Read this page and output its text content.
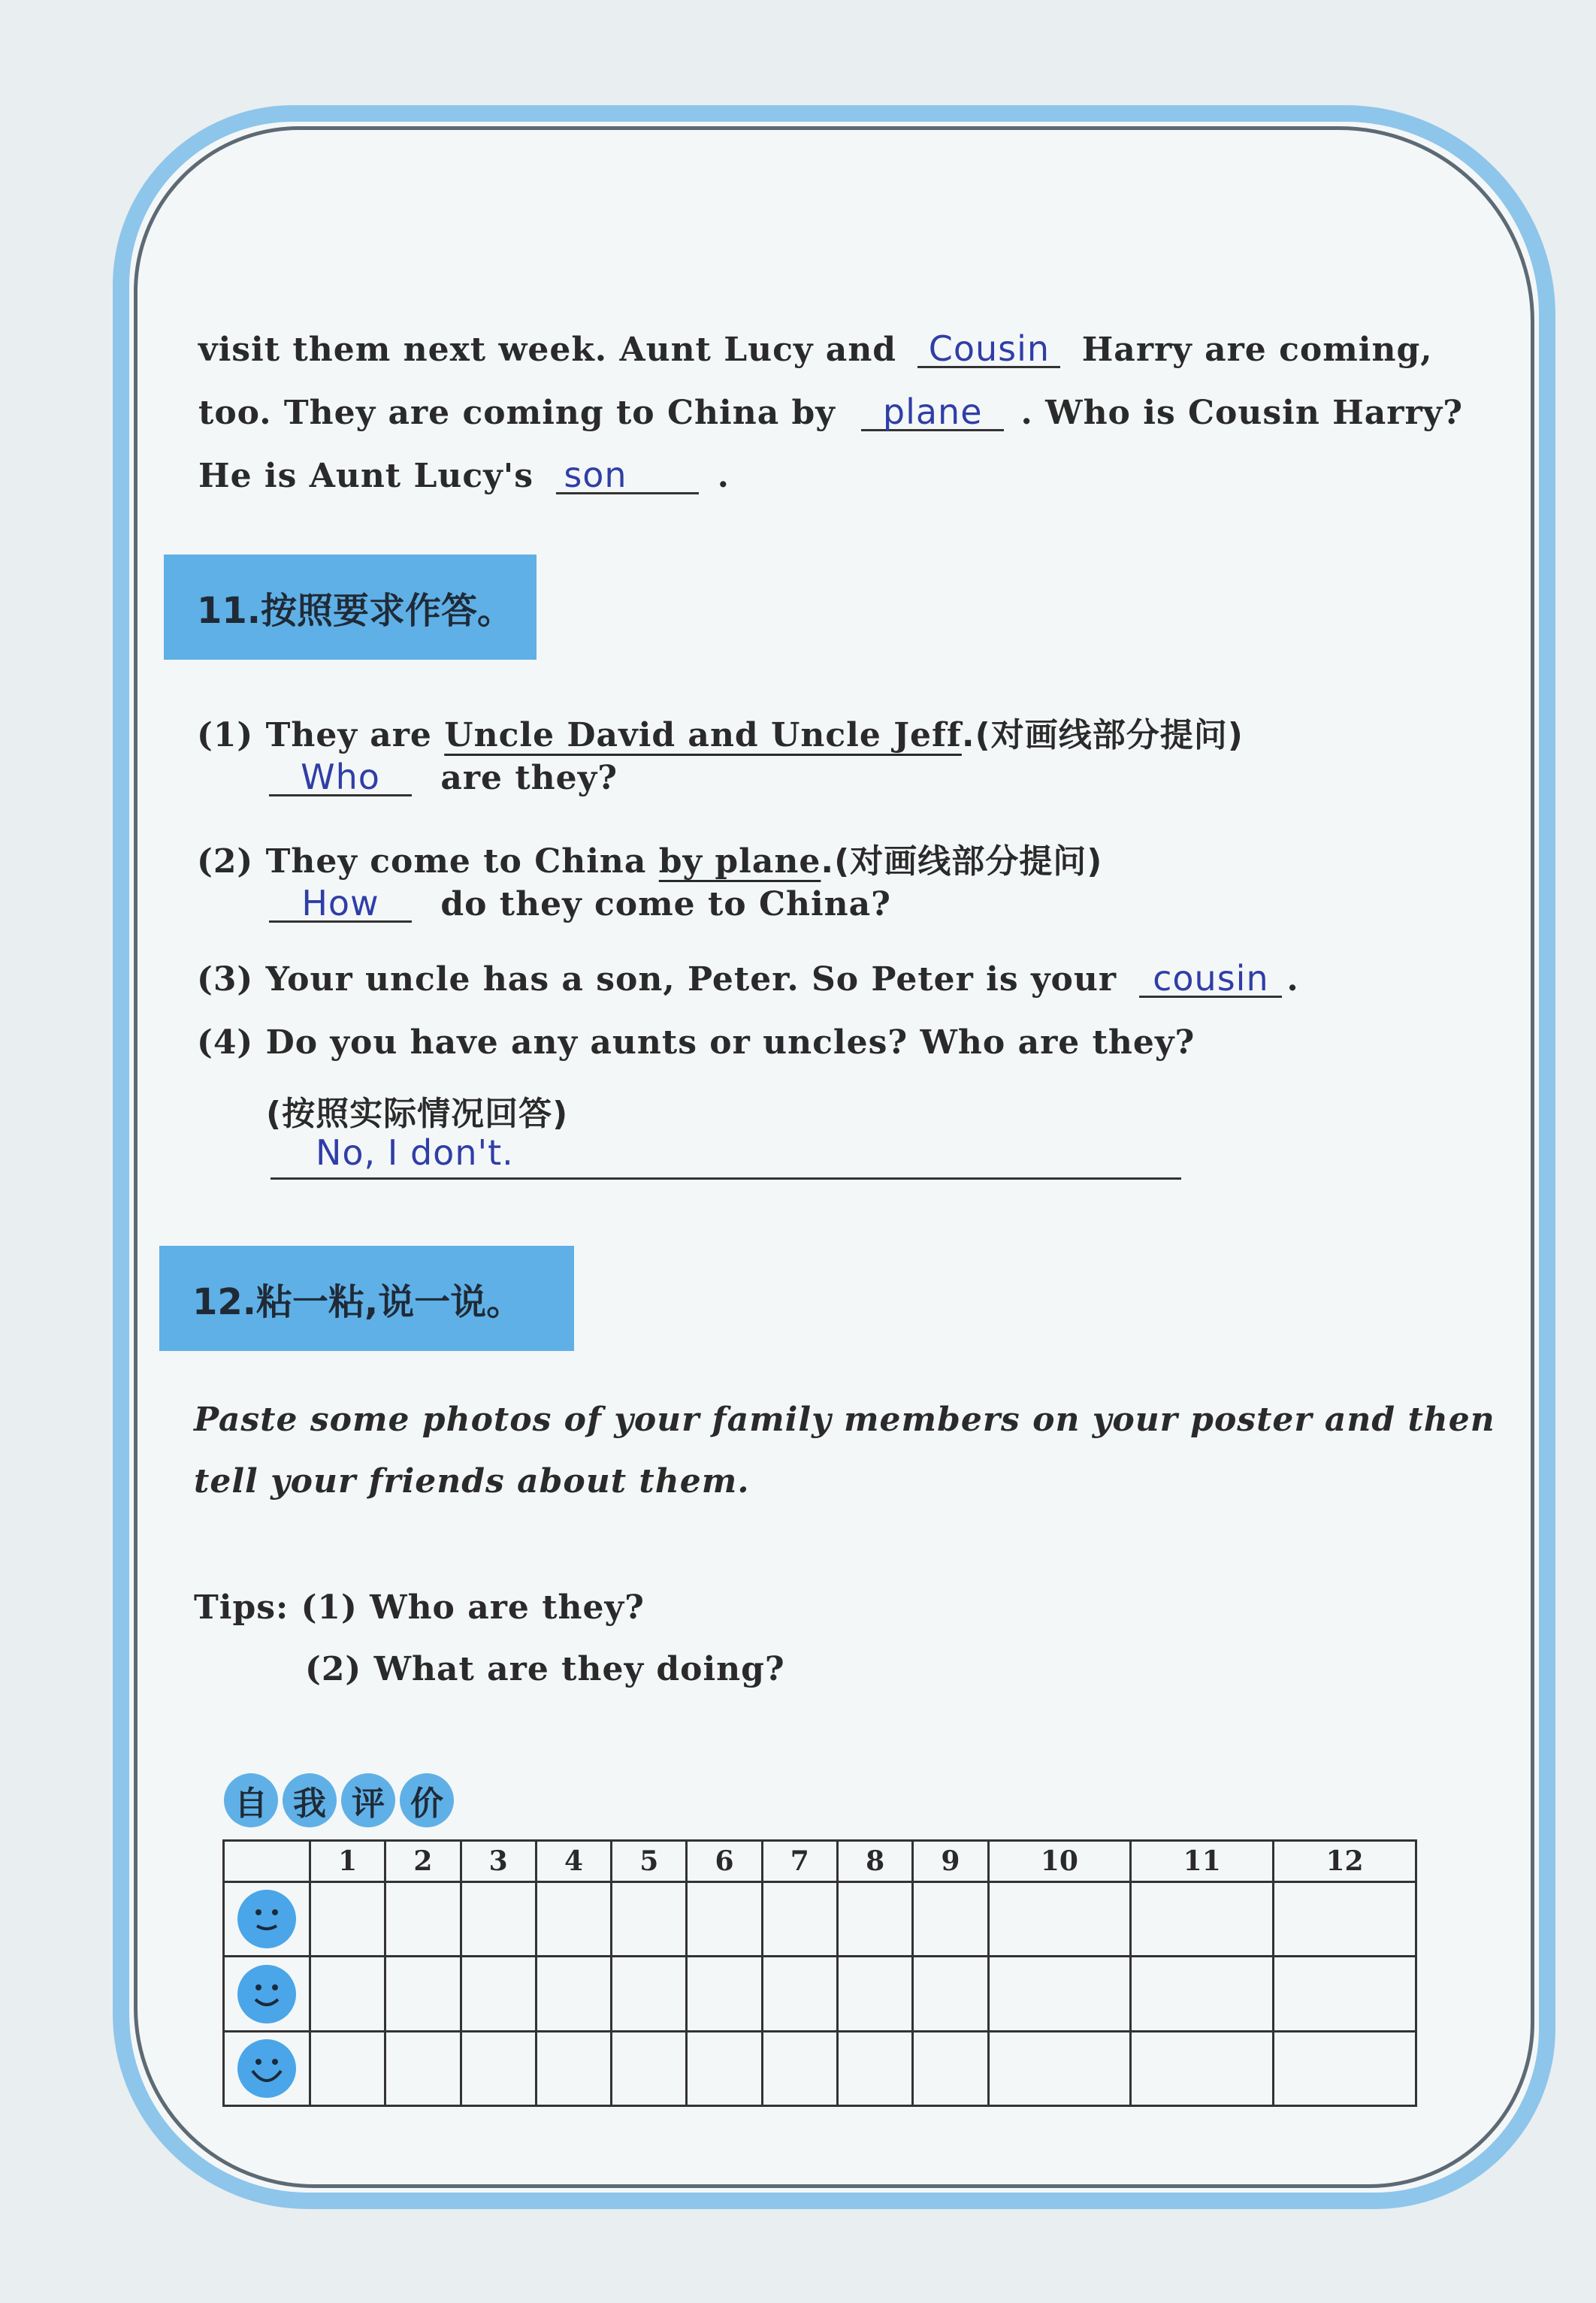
visit them next week. Aunt Lucy and Cousin Harry are coming,
too. They are coming to China by plane . Who is Cousin Harry?
He is Aunt Lucy's son	.
11.按照要求作答。
(1) They are Uncle David and Uncle Jeff.(对画线部分提问)
Who are they?
(2) They come to China by plane.(对画线部分提问)
How do they come to China?
(3) Your uncle has a son, Peter. So Peter is your cousin .
(4) Do you have any aunts or uncles? Who are they?
(按照实际情况回答)
No, I don't.
12.粘一粘,说一说。
Paste some photos of your family members on your poster and then
tell your friends about them.
Tips: (1) Who are they?
(2) What are they doing?
自 我 评 价
	1	2	3	4	5	6	7	8	9	10	11	12
